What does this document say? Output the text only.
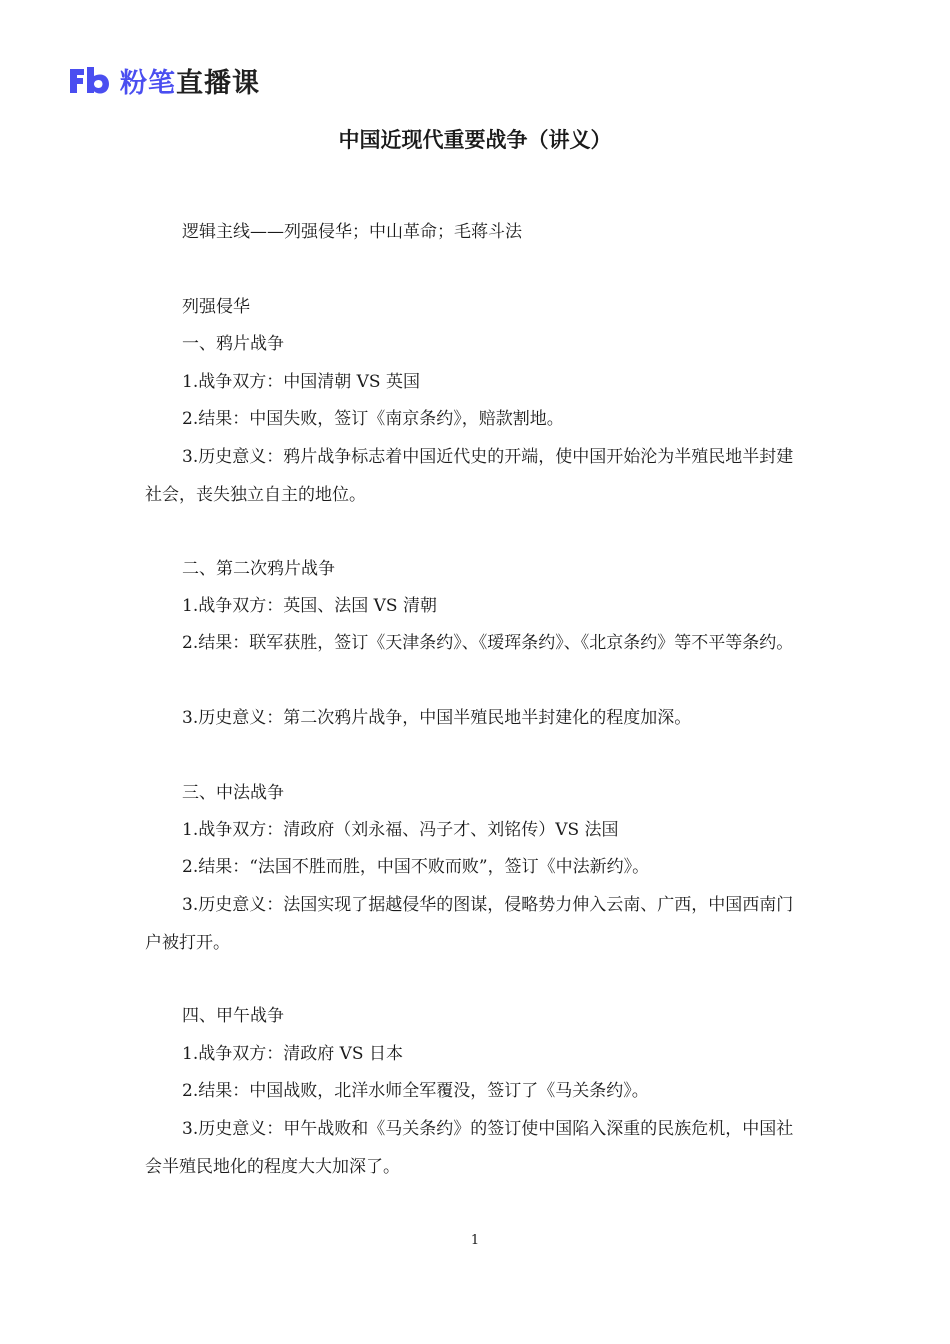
粉笔直播课
中国近现代重要战争（讲义）

逻辑主线——列强侵华；中山革命；毛蒋斗法

列强侵华

一、鸦片战争

1.战争双方：中国清朝 VS 英国

2.结果：中国失败，签订《南京条约》，赔款割地。

3.历史意义：鸦片战争标志着中国近代史的开端，使中国开始沦为半殖民地半封建社会，丧失独立自主的地位。

二、第二次鸦片战争

1.战争双方：英国、法国 VS 清朝

2.结果：联军获胜，签订《天津条约》、《瑷珲条约》、《北京条约》等不平等条约。

3.历史意义：第二次鸦片战争，中国半殖民地半封建化的程度加深。

三、中法战争

1.战争双方：清政府（刘永福、冯子才、刘铭传）VS 法国

2.结果：“法国不胜而胜，中国不败而败”，签订《中法新约》。

3.历史意义：法国实现了据越侵华的图谋，侵略势力伸入云南、广西，中国西南门户被打开。

四、甲午战争

1.战争双方：清政府 VS 日本

2.结果：中国战败，北洋水师全军覆没，签订了《马关条约》。

3.历史意义：甲午战败和《马关条约》的签订使中国陷入深重的民族危机，中国社会半殖民地化的程度大大加深了。

1
